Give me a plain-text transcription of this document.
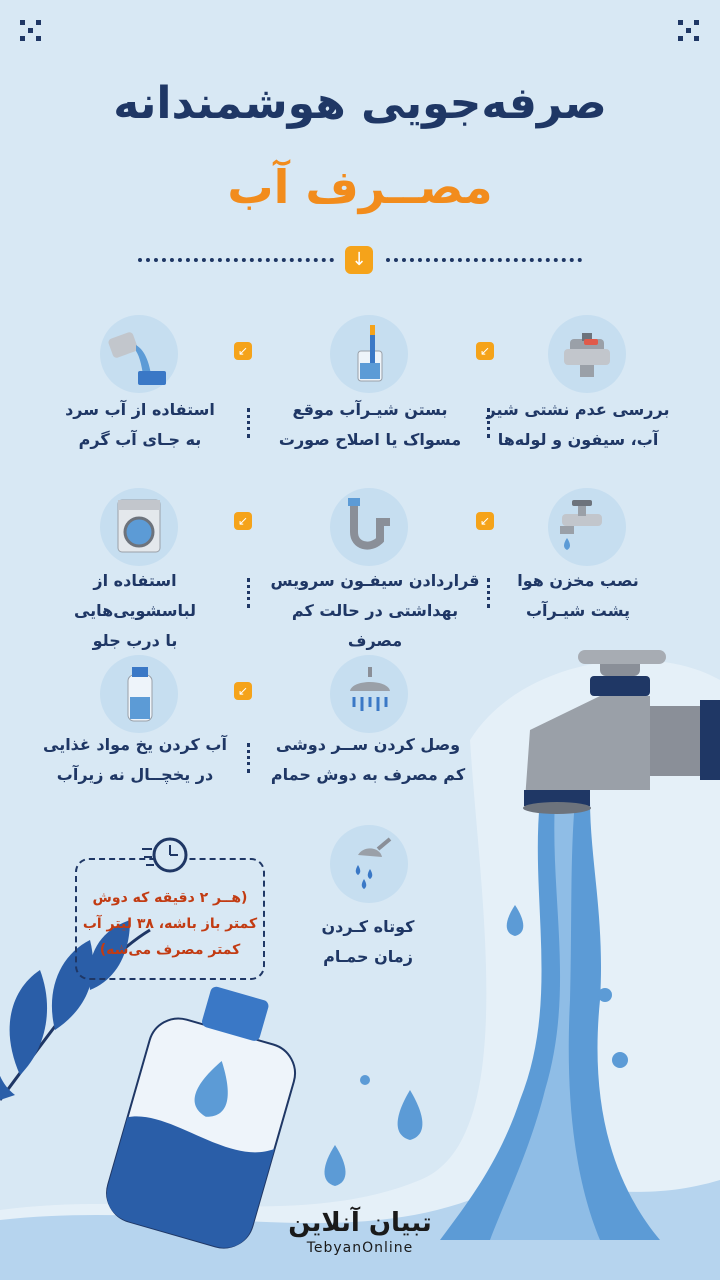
صرفه‌جویی هوشمندانه
مصــرف آب
↓
بررسی عدم نشتی شیر
آب، سیفون و لوله‌ها
بستن شیـرآب موقع
مسواک یا اصلاح صورت
استفاده از آب سرد
به جـای آب گرم
نصب مخزن هوا
پشت شیـرآب
قراردادن سیفـون سرویس
بهداشتی در حالت کم مصرف
استفاده از لباسشویی‌هایی
با درب جلو
وصل کردن ســر دوشی
کم مصرف به دوش حمام
آب کردن یخ مواد غذایی
در یخچــال نه زیرآب
کوتاه کـردن
زمان حمـام
↙
↙
↙
↙
↙
(هــر ۲ دقیقه که دوش
کمتر باز باشه، ۳۸ لیتر آب
کمتر مصرف می‌شه)
تبیان آنلاین
TebyanOnline
